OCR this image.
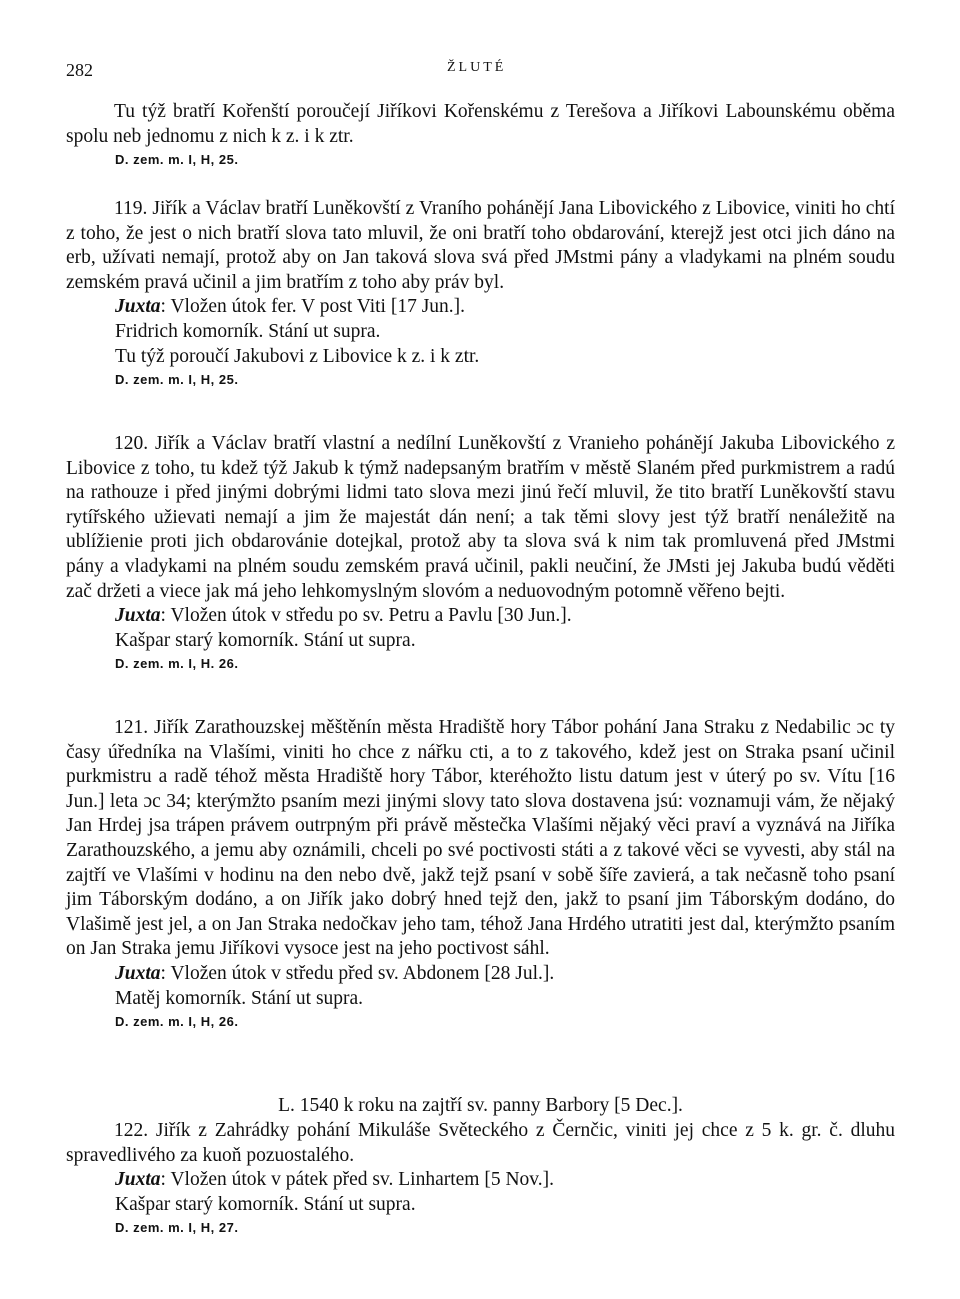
282	ŽLUTÉ

Tu týž bratří Kořenští poroučejí Jiříkovi Kořenskému z Terešova a Jiříkovi Labounskému oběma spolu neb jednomu z nich k z. i k ztr.

D. zem. m. I, H, 25.

119. Jiřík a Václav bratří Luněkovští z Vraního pohánějí Jana Libovického z Libovice, viniti ho chtí z toho, že jest o nich bratří slova tato mluvil, že oni bratří toho obdarování, kterejž jest otci jich dáno na erb, užívati nemají, protož aby on Jan taková slova svá před JMstmi pány a vladykami na plném soudu zemském pravá učinil a jim bratřím z toho aby práv byl.

Juxta: Vložen útok fer. V post Viti [17 Jun.].

Fridrich komorník. Stání ut supra.

Tu týž poroučí Jakubovi z Libovice k z. i k ztr.

D. zem. m. I, H, 25.

120. Jiřík a Václav bratří vlastní a nedílní Luněkovští z Vranieho pohánějí Jakuba Libovického z Libovice z toho, tu kdež týž Jakub k týmž nadepsaným bratřím v městě Slaném před purkmistrem a radú na rathouze i před jinými dobrými lidmi tato slova mezi jinú řečí mluvil, že tito bratří Luněkovští stavu rytířského užievati nemají a jim že majestát dán není; a tak těmi slovy jest týž bratří nenáležitě na ublížienie proti jich obdarovánie dotejkal, protož aby ta slova svá k nim tak promluvená před JMstmi pány a vladykami na plném soudu zemském pravá učinil, pakli neučiní, že JMsti jej Jakuba budú věděti zač držeti a viece jak má jeho lehkomyslným slovóm a neduovodným potomně věřeno bejti.

Juxta: Vložen útok v středu po sv. Petru a Pavlu [30 Jun.].

Kašpar starý komorník. Stání ut supra.

D. zem. m. I, H. 26.

121. Jiřík Zarathouzskej měštěnín města Hradiště hory Tábor pohání Jana Straku z Nedabilic ɔc ty časy úředníka na Vlašími, viniti ho chce z nářku cti, a to z takového, kdež jest on Straka psaní učinil purkmistru a radě téhož města Hradiště hory Tábor, kteréhožto listu datum jest v úterý po sv. Vítu [16 Jun.] leta ɔc 34; kterýmžto psaním mezi jinými slovy tato slova dostavena jsú: voznamuji vám, že nějaký Jan Hrdej jsa trápen právem outrpným při právě městečka Vlašími nějaký věci praví a vyznává na Jiříka Zarathouzského, a jemu aby oznámili, chceli po své poctivosti státi a z takové věci se vyvesti, aby stál na zajtří ve Vlašími v hodinu na den nebo dvě, jakž tejž psaní v sobě šíře zavierá, a tak nečasně toho psaní jim Táborským dodáno, a on Jiřík jako dobrý hned tejž den, jakž to psaní jim Táborským dodáno, do Vlašimě jest jel, a on Jan Straka nedočkav jeho tam, téhož Jana Hrdého utratiti jest dal, kterýmžto psaním on Jan Straka jemu Jiříkovi vysoce jest na jeho poctivost sáhl.

Juxta: Vložen útok v středu před sv. Abdonem [28 Jul.].

Matěj komorník. Stání ut supra.

D. zem. m. I, H, 26.

L. 1540 k roku na zajtří sv. panny Barbory [5 Dec.].

122. Jiřík z Zahrádky pohání Mikuláše Světeckého z Černčic, viniti jej chce z 5 k. gr. č. dluhu spravedlivého za kuoň pozuostalého.

Juxta: Vložen útok v pátek před sv. Linhartem [5 Nov.].

Kašpar starý komorník. Stání ut supra.

D. zem. m. I, H, 27.
